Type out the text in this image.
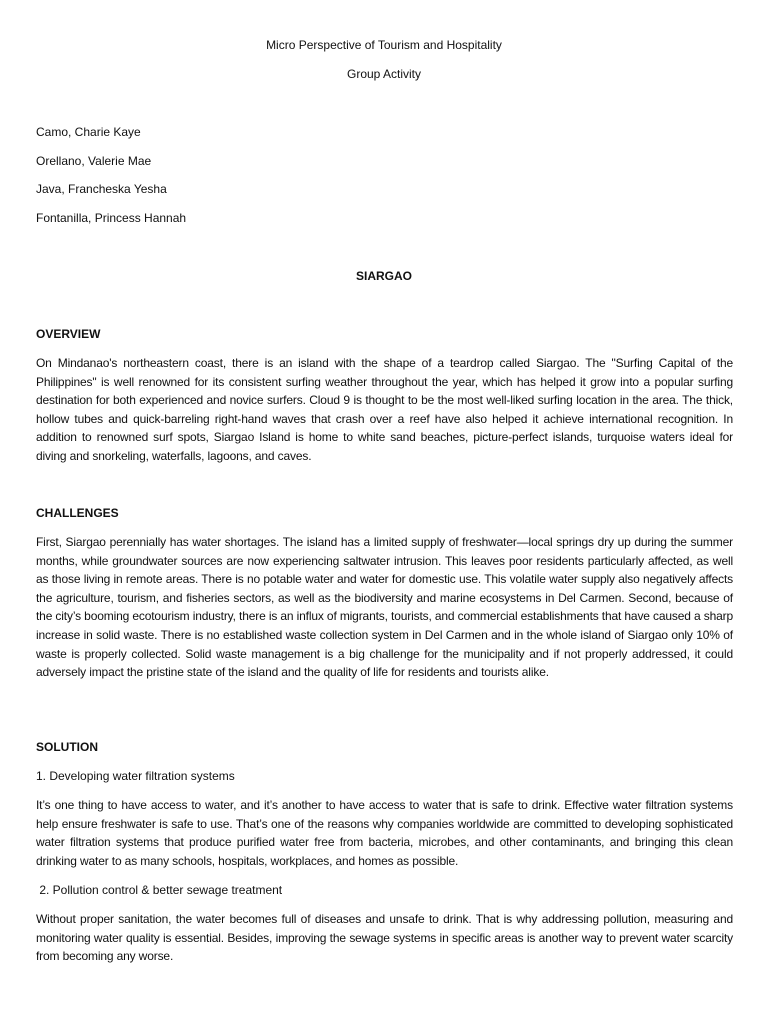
Micro Perspective of Tourism and Hospitality
Group Activity
Camo, Charie Kaye
Orellano, Valerie Mae
Java, Francheska Yesha
Fontanilla, Princess Hannah
SIARGAO
OVERVIEW
On Mindanao's northeastern coast, there is an island with the shape of a teardrop called Siargao. The "Surfing Capital of the Philippines" is well renowned for its consistent surfing weather throughout the year, which has helped it grow into a popular surfing destination for both experienced and novice surfers. Cloud 9 is thought to be the most well-liked surfing location in the area. The thick, hollow tubes and quick-barreling right-hand waves that crash over a reef have also helped it achieve international recognition. In addition to renowned surf spots, Siargao Island is home to white sand beaches, picture-perfect islands, turquoise waters ideal for diving and snorkeling, waterfalls, lagoons, and caves.
CHALLENGES
First, Siargao perennially has water shortages. The island has a limited supply of freshwater—local springs dry up during the summer months, while groundwater sources are now experiencing saltwater intrusion. This leaves poor residents particularly affected, as well as those living in remote areas. There is no potable water and water for domestic use. This volatile water supply also negatively affects the agriculture, tourism, and fisheries sectors, as well as the biodiversity and marine ecosystems in Del Carmen. Second, because of the city’s booming ecotourism industry, there is an influx of migrants, tourists, and commercial establishments that have caused a sharp increase in solid waste. There is no established waste collection system in Del Carmen and in the whole island of Siargao only 10% of waste is properly collected. Solid waste management is a big challenge for the municipality and if not properly addressed, it could adversely impact the pristine state of the island and the quality of life for residents and tourists alike.
SOLUTION
1. Developing water filtration systems
It’s one thing to have access to water, and it’s another to have access to water that is safe to drink. Effective water filtration systems help ensure freshwater is safe to use. That’s one of the reasons why companies worldwide are committed to developing sophisticated water filtration systems that produce purified water free from bacteria, microbes, and other contaminants, and bringing this clean drinking water to as many schools, hospitals, workplaces, and homes as possible.
2. Pollution control & better sewage treatment
Without proper sanitation, the water becomes full of diseases and unsafe to drink. That is why addressing pollution, measuring and monitoring water quality is essential. Besides, improving the sewage systems in specific areas is another way to prevent water scarcity from becoming any worse.
